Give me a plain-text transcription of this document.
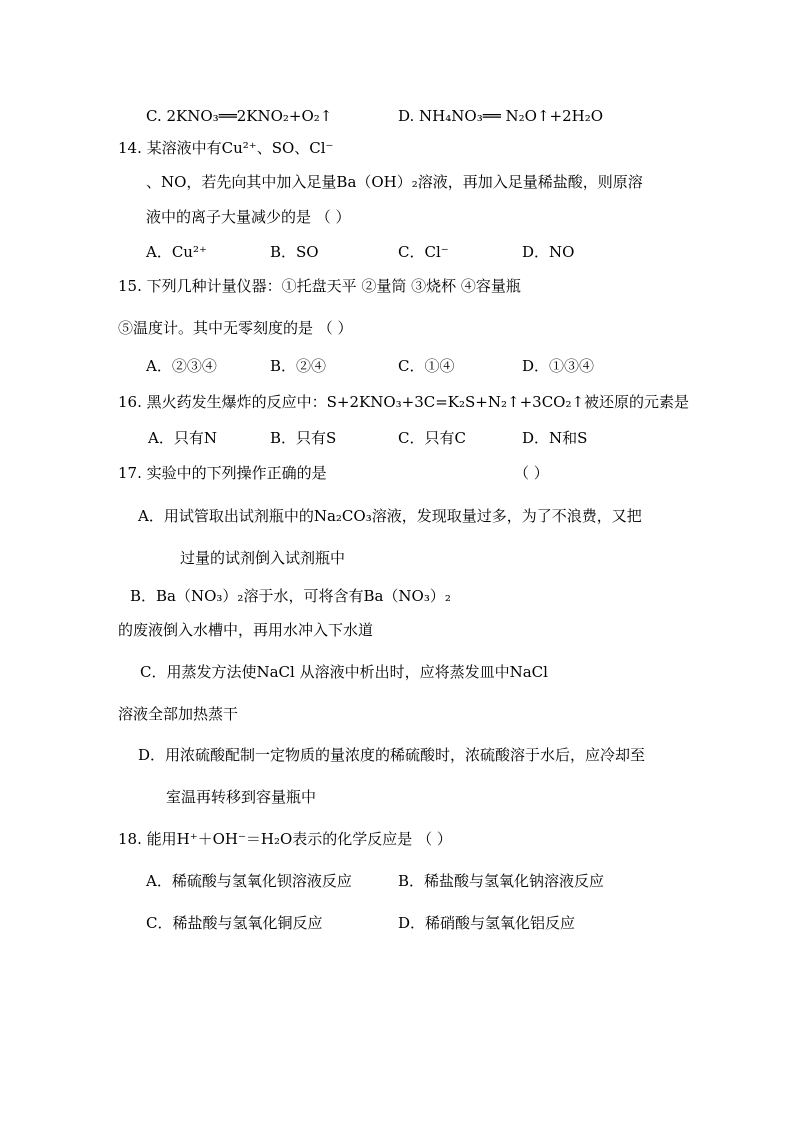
C. 2KNO₃══2KNO₂+O₂↑	D. NH₄NO₃══ N₂O↑+2H₂O
14. 某溶液中有Cu²⁺、SO、Cl⁻
、NO，若先向其中加入足量Ba（OH）₂溶液，再加入足量稀盐酸，则原溶
液中的离子大量减少的是 （ ）
A．Cu²⁺	B．SO	C．Cl⁻	D．NO
15. 下列几种计量仪器：①托盘天平 ②量筒 ③烧杯 ④容量瓶
⑤温度计。其中无零刻度的是 （ ）
A．②③④	B．②④	C．①④	D．①③④
16. 黑火药发生爆炸的反应中：S+2KNO₃+3C=K₂S+N₂↑+3CO₂↑被还原的元素是
A．只有N	B．只有S	C．只有C	D．N和S
17. 实验中的下列操作正确的是	（ ）
A．用试管取出试剂瓶中的Na₂CO₃溶液，发现取量过多，为了不浪费，又把
过量的试剂倒入试剂瓶中
B．Ba（NO₃）₂溶于水，可将含有Ba（NO₃）₂
的废液倒入水槽中，再用水冲入下水道
C．用蒸发方法使NaCl 从溶液中析出时，应将蒸发皿中NaCl
溶液全部加热蒸干
D．用浓硫酸配制一定物质的量浓度的稀硫酸时，浓硫酸溶于水后，应冷却至
室温再转移到容量瓶中
18. 能用H⁺＋OH⁻＝H₂O表示的化学反应是 （ ）
A．稀硫酸与氢氧化钡溶液反应	B．稀盐酸与氢氧化钠溶液反应
C．稀盐酸与氢氧化铜反应	D．稀硝酸与氢氧化铝反应
